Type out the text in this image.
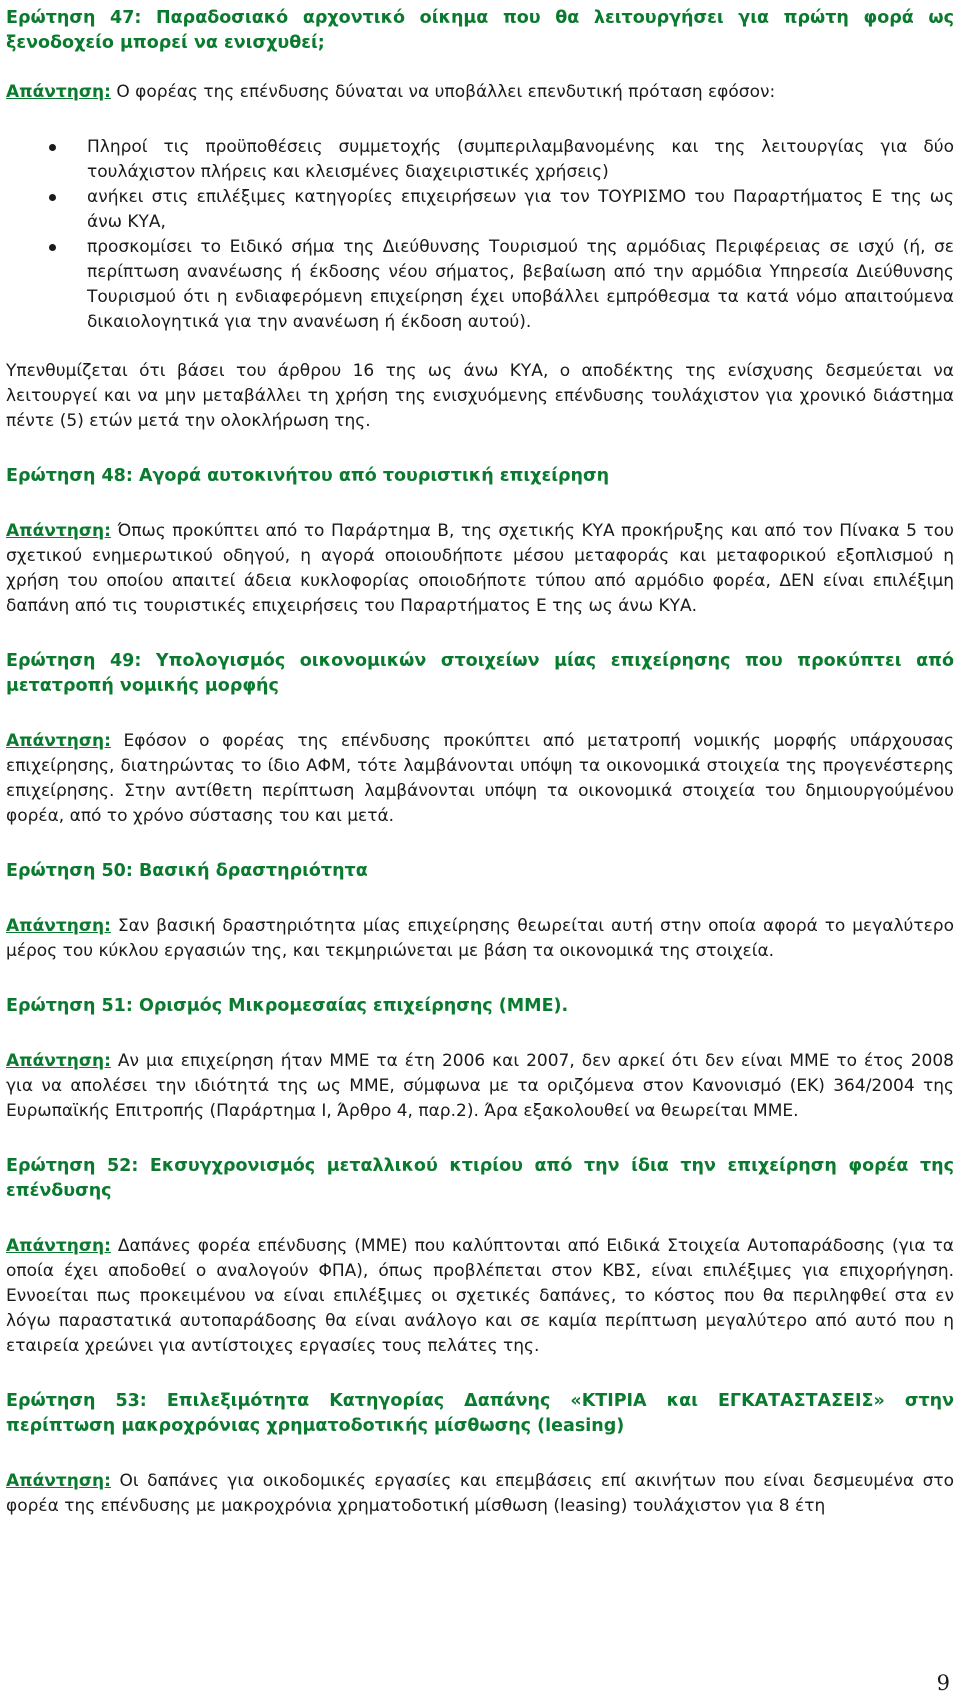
Ερώτηση 47: Παραδοσιακό αρχοντικό οίκημα που θα λειτουργήσει για πρώτη φορά ως ξενοδοχείο μπορεί να ενισχυθεί;

Απάντηση: Ο φορέας της επένδυσης δύναται να υποβάλλει επενδυτική πρόταση εφόσον:

Πληροί τις προϋποθέσεις συμμετοχής (συμπεριλαμβανομένης και της λειτουργίας για δύο τουλάχιστον πλήρεις και κλεισμένες διαχειριστικές χρήσεις)
ανήκει στις επιλέξιμες κατηγορίες επιχειρήσεων για τον ΤΟΥΡΙΣΜΟ του Παραρτήματος Ε της ως άνω ΚΥΑ,
προσκομίσει το Ειδικό σήμα της Διεύθυνσης Τουρισμού της αρμόδιας Περιφέρειας σε ισχύ (ή, σε περίπτωση ανανέωσης ή έκδοσης νέου σήματος, βεβαίωση από την αρμόδια Υπηρεσία Διεύθυνσης Τουρισμού ότι η ενδιαφερόμενη επιχείρηση έχει υποβάλλει εμπρόθεσμα τα κατά νόμο απαιτούμενα δικαιολογητικά για την ανανέωση ή έκδοση αυτού).

Υπενθυμίζεται ότι βάσει του άρθρου 16 της ως άνω ΚΥΑ, ο αποδέκτης της ενίσχυσης δεσμεύεται να λειτουργεί και να μην μεταβάλλει τη χρήση της ενισχυόμενης επένδυσης τουλάχιστον για χρονικό διάστημα πέντε (5) ετών μετά την ολοκλήρωση της.

Ερώτηση 48: Αγορά αυτοκινήτου από τουριστική επιχείρηση

Απάντηση: Όπως προκύπτει από το Παράρτημα Β, της σχετικής ΚΥΑ προκήρυξης και από τον Πίνακα 5 του σχετικού ενημερωτικού οδηγού, η αγορά οποιουδήποτε μέσου μεταφοράς και μεταφορικού εξοπλισμού η χρήση του οποίου απαιτεί άδεια κυκλοφορίας οποιοδήποτε τύπου από αρμόδιο φορέα, ΔΕΝ είναι επιλέξιμη δαπάνη από τις τουριστικές επιχειρήσεις του Παραρτήματος Ε της ως άνω ΚΥΑ.

Ερώτηση 49: Υπολογισμός οικονομικών στοιχείων μίας επιχείρησης που προκύπτει από μετατροπή νομικής μορφής

Απάντηση: Εφόσον ο φορέας της επένδυσης προκύπτει από μετατροπή νομικής μορφής υπάρχουσας επιχείρησης, διατηρώντας το ίδιο ΑΦΜ, τότε λαμβάνονται υπόψη τα οικονομικά στοιχεία της προγενέστερης επιχείρησης. Στην αντίθετη περίπτωση λαμβάνονται υπόψη τα οικονομικά στοιχεία του δημιουργούμένου φορέα, από το χρόνο σύστασης του και μετά.

Ερώτηση 50: Βασική δραστηριότητα

Απάντηση: Σαν βασική δραστηριότητα μίας επιχείρησης θεωρείται αυτή στην οποία αφορά το μεγαλύτερο μέρος του κύκλου εργασιών της, και τεκμηριώνεται με βάση τα οικονομικά της στοιχεία.

Ερώτηση 51: Ορισμός Μικρομεσαίας επιχείρησης (ΜΜΕ).

Απάντηση: Αν μια επιχείρηση ήταν ΜΜΕ τα έτη 2006 και 2007, δεν αρκεί ότι δεν είναι ΜΜΕ το έτος 2008 για να απολέσει την ιδιότητά της ως ΜΜΕ, σύμφωνα με τα οριζόμενα στον Κανονισμό (ΕΚ) 364/2004 της Ευρωπαϊκής Επιτροπής (Παράρτημα Ι, Άρθρο 4, παρ.2). Άρα εξακολουθεί να θεωρείται ΜΜΕ.

Ερώτηση 52: Εκσυγχρονισμός μεταλλικού κτιρίου από την ίδια την επιχείρηση φορέα της επένδυσης

Απάντηση: Δαπάνες φορέα επένδυσης (ΜΜΕ) που καλύπτονται από Ειδικά Στοιχεία Αυτοπαράδοσης (για τα οποία έχει αποδοθεί ο αναλογούν ΦΠΑ), όπως προβλέπεται στον ΚΒΣ, είναι επιλέξιμες για επιχορήγηση. Εννοείται πως προκειμένου να είναι επιλέξιμες οι σχετικές δαπάνες, το κόστος που θα περιληφθεί στα εν λόγω παραστατικά αυτοπαράδοσης θα είναι ανάλογο και σε καμία περίπτωση μεγαλύτερο από αυτό που η εταιρεία χρεώνει για αντίστοιχες εργασίες τους πελάτες της.

Ερώτηση 53: Επιλεξιμότητα Κατηγορίας Δαπάνης «ΚΤΙΡΙΑ και ΕΓΚΑΤΑΣΤΑΣΕΙΣ» στην περίπτωση μακροχρόνιας χρηματοδοτικής μίσθωσης (leasing)

Απάντηση: Οι δαπάνες για οικοδομικές εργασίες και επεμβάσεις επί ακινήτων που είναι δεσμευμένα στο φορέα της επένδυσης με μακροχρόνια χρηματοδοτική μίσθωση (leasing) τουλάχιστον για 8 έτη

9
